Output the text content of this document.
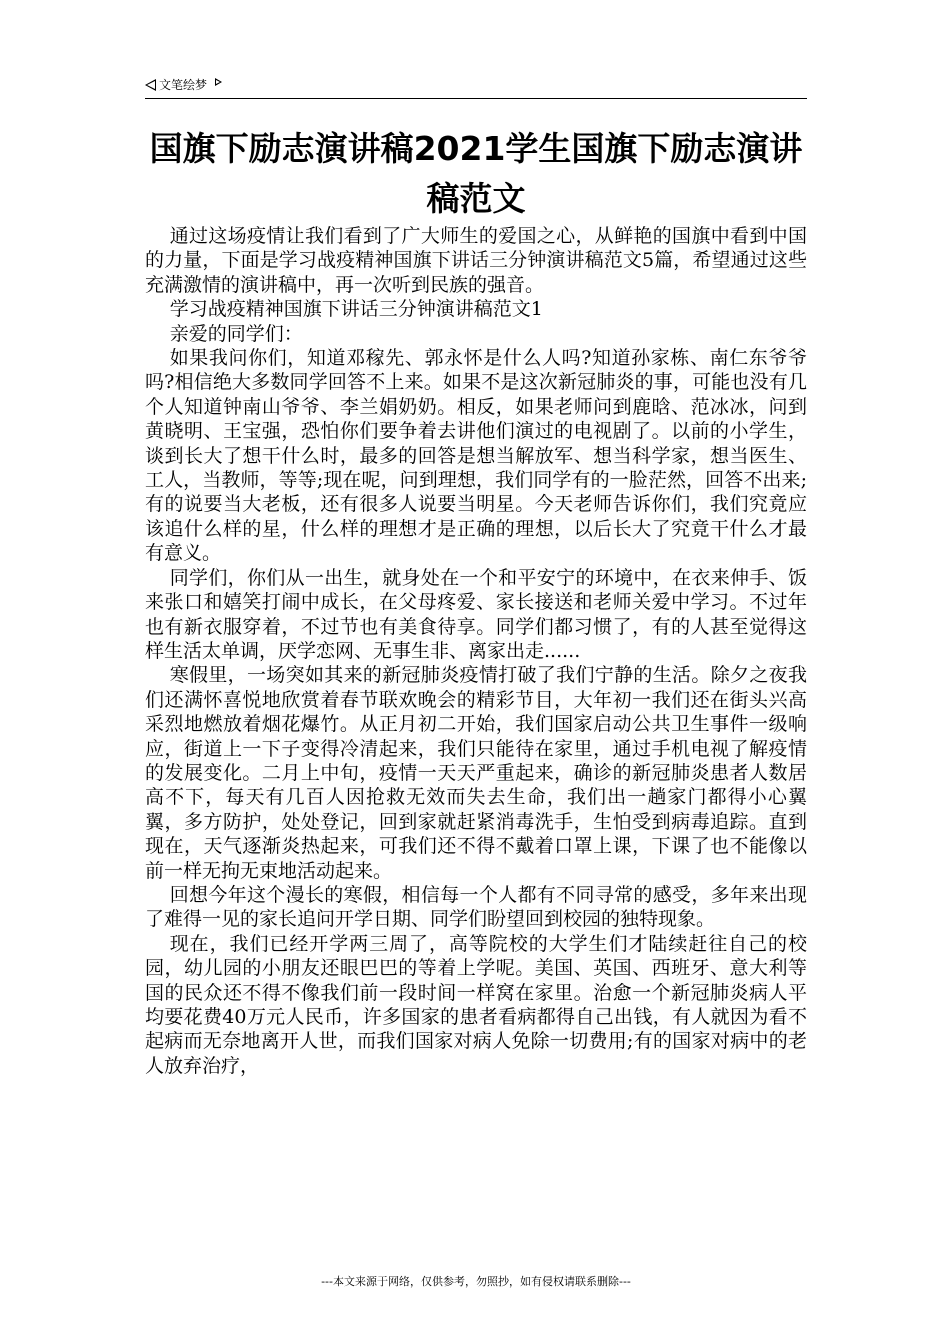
文笔绘梦
国旗下励志演讲稿2021学生国旗下励志演讲稿范文

通过这场疫情让我们看到了广大师生的爱国之心，从鲜艳的国旗中看到中国的力量，下面是学习战疫精神国旗下讲话三分钟演讲稿范文5篇，希望通过这些充满激情的演讲稿中，再一次听到民族的强音。

学习战疫精神国旗下讲话三分钟演讲稿范文1

亲爱的同学们：

如果我问你们，知道邓稼先、郭永怀是什么人吗?知道孙家栋、南仁东爷爷吗?相信绝大多数同学回答不上来。如果不是这次新冠肺炎的事，可能也没有几个人知道钟南山爷爷、李兰娟奶奶。相反，如果老师问到鹿晗、范冰冰，问到黄晓明、王宝强，恐怕你们要争着去讲他们演过的电视剧了。以前的小学生，谈到长大了想干什么时，最多的回答是想当解放军、想当科学家，想当医生、工人，当教师，等等;现在呢，问到理想，我们同学有的一脸茫然，回答不出来;有的说要当大老板，还有很多人说要当明星。今天老师告诉你们，我们究竟应该追什么样的星，什么样的理想才是正确的理想，以后长大了究竟干什么才最有意义。

同学们，你们从一出生，就身处在一个和平安宁的环境中，在衣来伸手、饭来张口和嬉笑打闹中成长，在父母疼爱、家长接送和老师关爱中学习。不过年也有新衣服穿着，不过节也有美食待享。同学们都习惯了，有的人甚至觉得这样生活太单调，厌学恋网、无事生非、离家出走......

寒假里，一场突如其来的新冠肺炎疫情打破了我们宁静的生活。除夕之夜我们还满怀喜悦地欣赏着春节联欢晚会的精彩节目，大年初一我们还在街头兴高采烈地燃放着烟花爆竹。从正月初二开始，我们国家启动公共卫生事件一级响应，街道上一下子变得冷清起来，我们只能待在家里，通过手机电视了解疫情的发展变化。二月上中旬，疫情一天天严重起来，确诊的新冠肺炎患者人数居高不下，每天有几百人因抢救无效而失去生命，我们出一趟家门都得小心翼翼，多方防护，处处登记，回到家就赶紧消毒洗手，生怕受到病毒追踪。直到现在，天气逐渐炎热起来，可我们还不得不戴着口罩上课，下课了也不能像以前一样无拘无束地活动起来。

回想今年这个漫长的寒假，相信每一个人都有不同寻常的感受，多年来出现了难得一见的家长追问开学日期、同学们盼望回到校园的独特现象。

现在，我们已经开学两三周了，高等院校的大学生们才陆续赶往自己的校园，幼儿园的小朋友还眼巴巴的等着上学呢。美国、英国、西班牙、意大利等国的民众还不得不像我们前一段时间一样窝在家里。治愈一个新冠肺炎病人平均要花费40万元人民币，许多国家的患者看病都得自己出钱，有人就因为看不起病而无奈地离开人世，而我们国家对病人免除一切费用;有的国家对病中的老人放弃治疗，

---本文来源于网络，仅供参考，勿照抄，如有侵权请联系删除---
